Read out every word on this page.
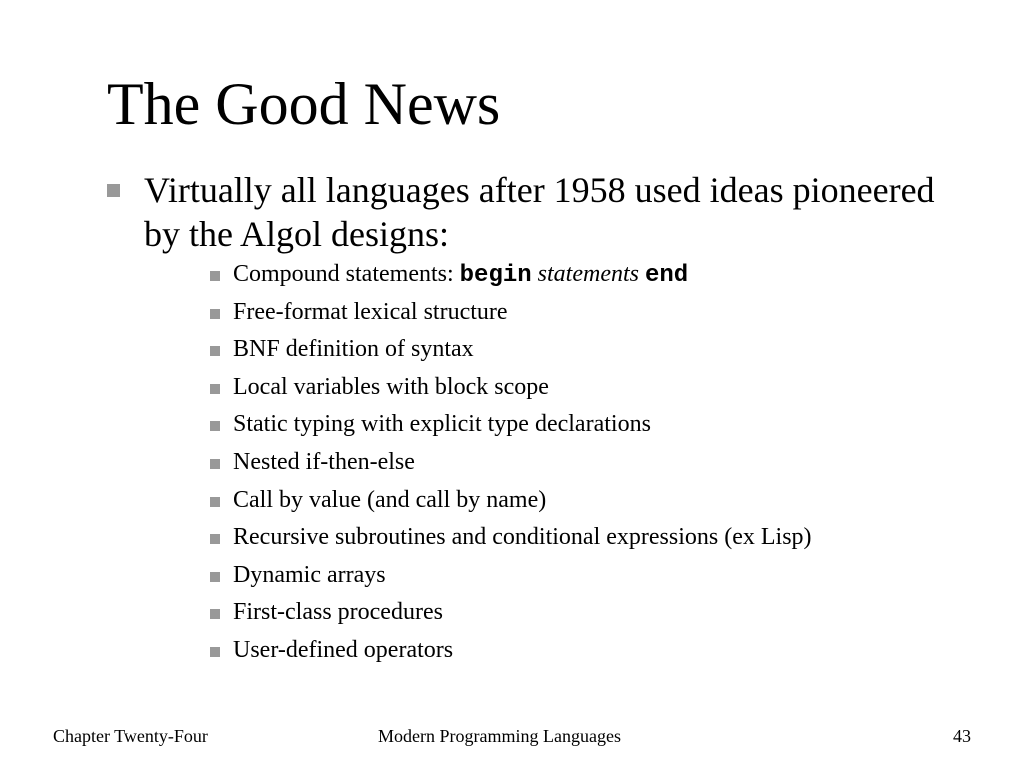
The Good News
Virtually all languages after 1958 used ideas pioneered by the Algol designs:
Compound statements: begin statements end
Free-format lexical structure
BNF definition of syntax
Local variables with block scope
Static typing with explicit type declarations
Nested if-then-else
Call by value (and call by name)
Recursive subroutines and conditional expressions (ex Lisp)
Dynamic arrays
First-class procedures
User-defined operators
Chapter Twenty-Four	Modern Programming Languages	43
